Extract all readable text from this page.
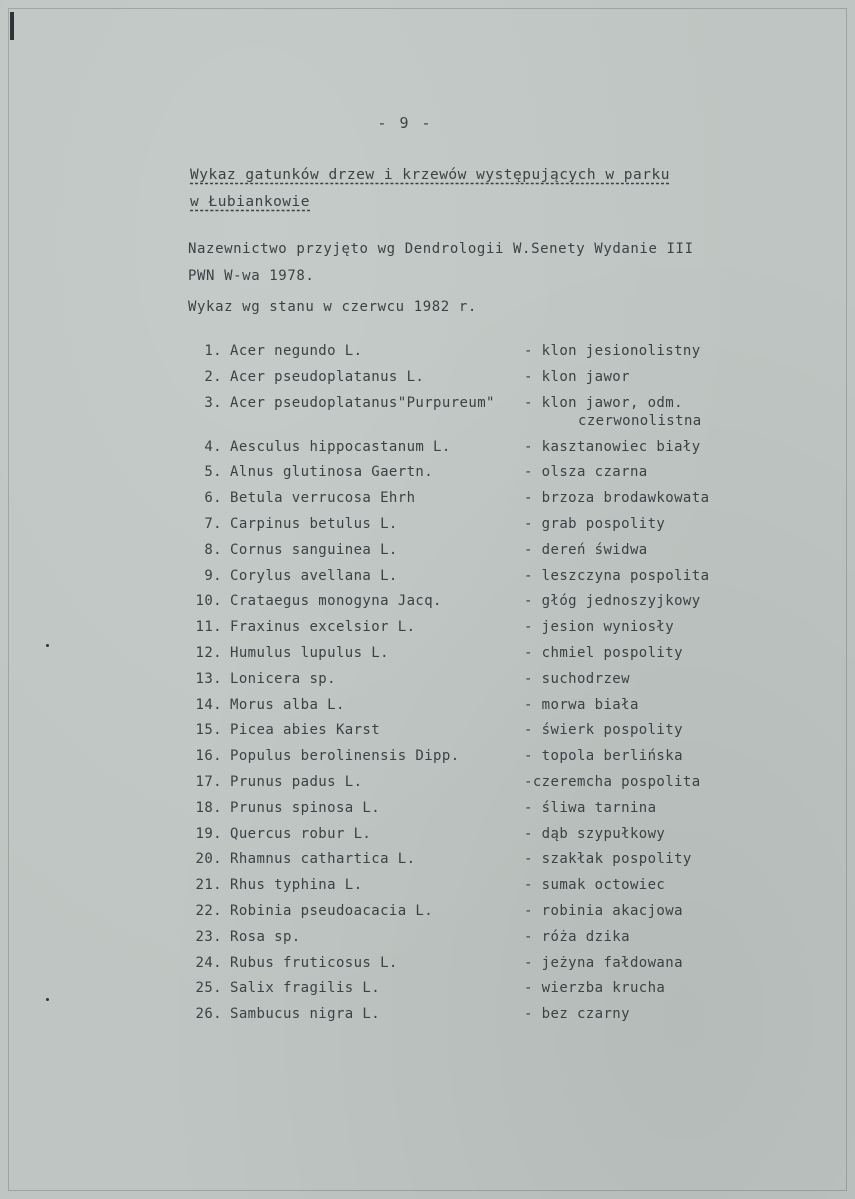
- 9 -
Wykaz gatunków drzew i krzewów występujących w parku
w Łubiankowie
Nazewnictwo przyjęto wg Dendrologii W.Senety Wydanie III
PWN W-wa 1978.
Wykaz wg stanu w czerwcu 1982 r.
1. Acer negundo L.	- klon jesionolistny
2. Acer pseudoplatanus L.	- klon jawor
3. Acer pseudoplatanus"Purpureum" - klon jawor, odm.
czerwonolistna
4. Aesculus hippocastanum L.	- kasztanowiec biały
5. Alnus glutinosa Gaertn.	- olsza czarna
6. Betula verrucosa Ehrh	- brzoza brodawkowata
7. Carpinus betulus L.	- grab pospolity
8. Cornus sanguinea L.	- dereń świdwa
9. Corylus avellana L.	- leszczyna pospolita
10. Crataegus monogyna Jacq.	- głóg jednoszyjkowy
11. Fraxinus excelsior L.	- jesion wyniosły
12. Humulus lupulus L.	- chmiel pospolity
13. Lonicera sp.	- suchodrzew
14. Morus alba L.	- morwa biała
15. Picea abies Karst	- świerk pospolity
16. Populus berolinensis Dipp.	- topola berlińska
17. Prunus padus L.	-czeremcha pospolita
18. Prunus spinosa L.	- śliwa tarnina
19. Quercus robur L.	- dąb szypułkowy
20. Rhamnus cathartica L.	- szakłak pospolity
21. Rhus typhina L.	- sumak octowiec
22. Robinia pseudoacacia L.	- robinia akacjowa
23. Rosa sp.	- róża dzika
24. Rubus fruticosus L.	- jeżyna fałdowana
25. Salix fragilis L.	- wierzba krucha
26. Sambucus nigra L.	- bez czarny
